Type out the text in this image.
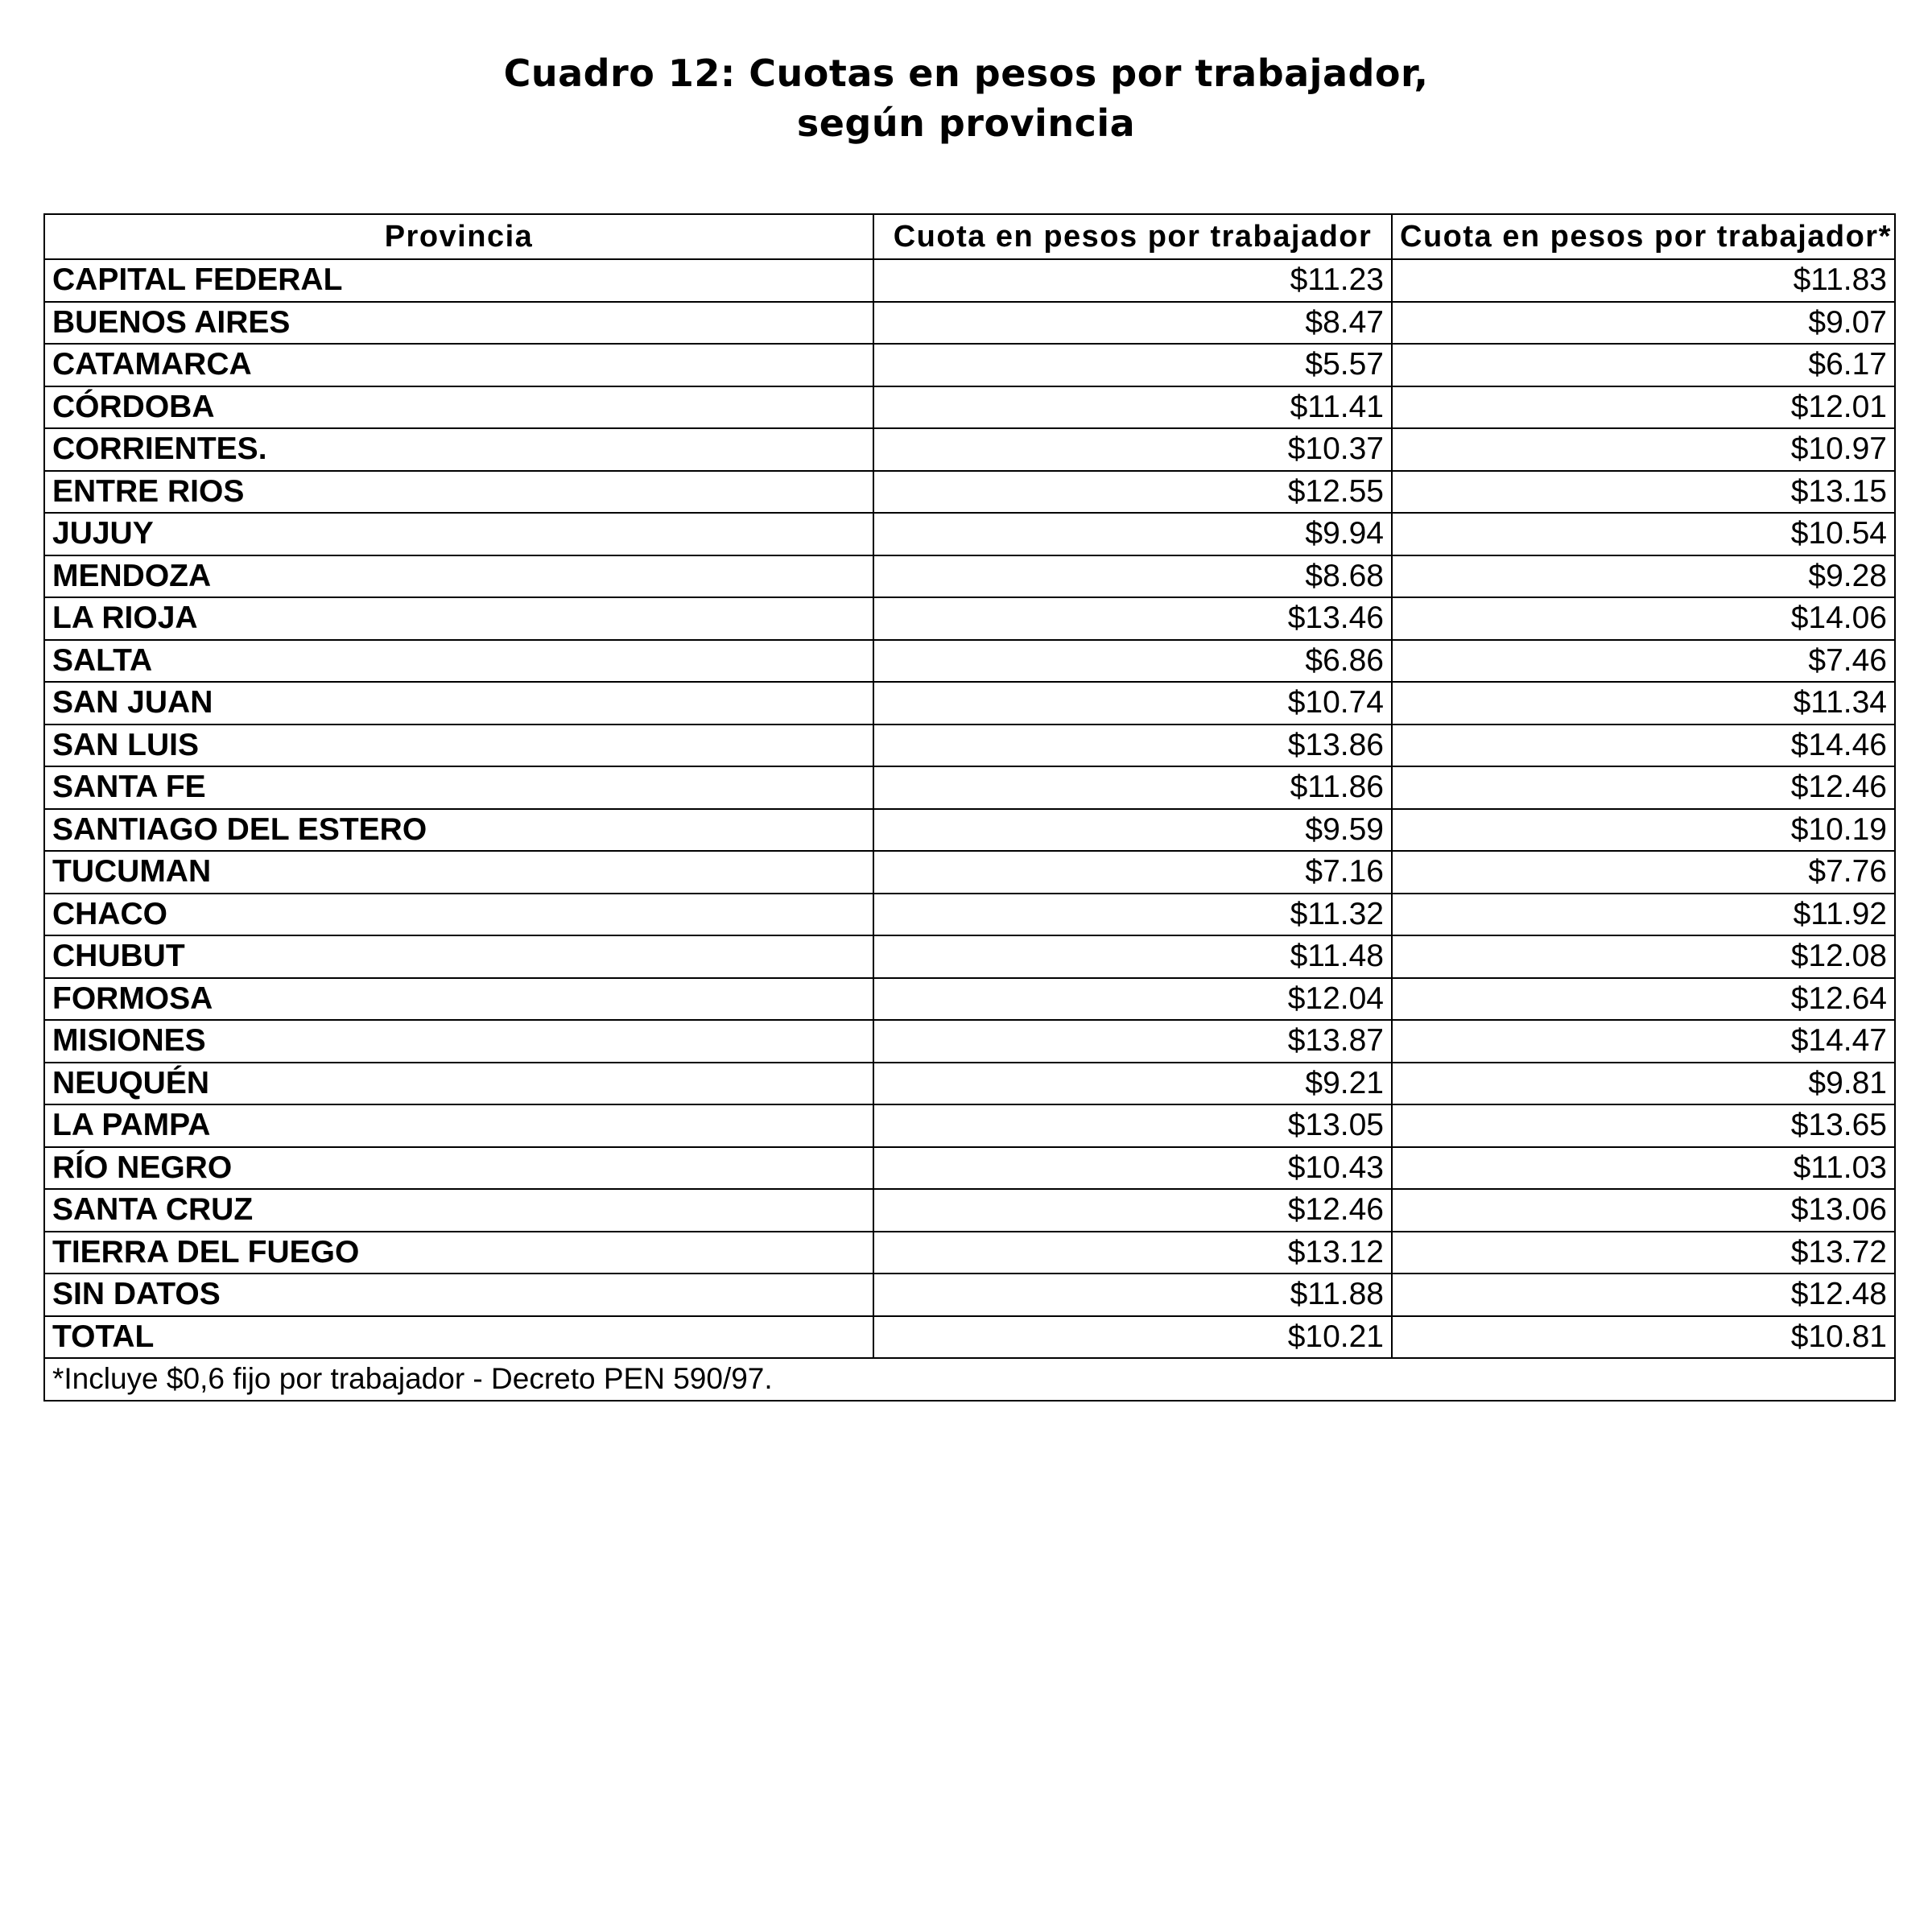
Cuadro 12: Cuotas en pesos por trabajador,
según provincia
Provincia	Cuota en pesos por trabajador	Cuota en pesos por trabajador*
CAPITAL FEDERAL	$11.23	$11.83
BUENOS AIRES	$8.47	$9.07
CATAMARCA	$5.57	$6.17
CÓRDOBA	$11.41	$12.01
CORRIENTES.	$10.37	$10.97
ENTRE RIOS	$12.55	$13.15
JUJUY	$9.94	$10.54
MENDOZA	$8.68	$9.28
LA RIOJA	$13.46	$14.06
SALTA	$6.86	$7.46
SAN JUAN	$10.74	$11.34
SAN LUIS	$13.86	$14.46
SANTA FE	$11.86	$12.46
SANTIAGO DEL ESTERO	$9.59	$10.19
TUCUMAN	$7.16	$7.76
CHACO	$11.32	$11.92
CHUBUT	$11.48	$12.08
FORMOSA	$12.04	$12.64
MISIONES	$13.87	$14.47
NEUQUÉN	$9.21	$9.81
LA PAMPA	$13.05	$13.65
RÍO NEGRO	$10.43	$11.03
SANTA CRUZ	$12.46	$13.06
TIERRA DEL FUEGO	$13.12	$13.72
SIN DATOS	$11.88	$12.48
TOTAL	$10.21	$10.81
*Incluye $0,6 fijo por trabajador - Decreto PEN 590/97.		
